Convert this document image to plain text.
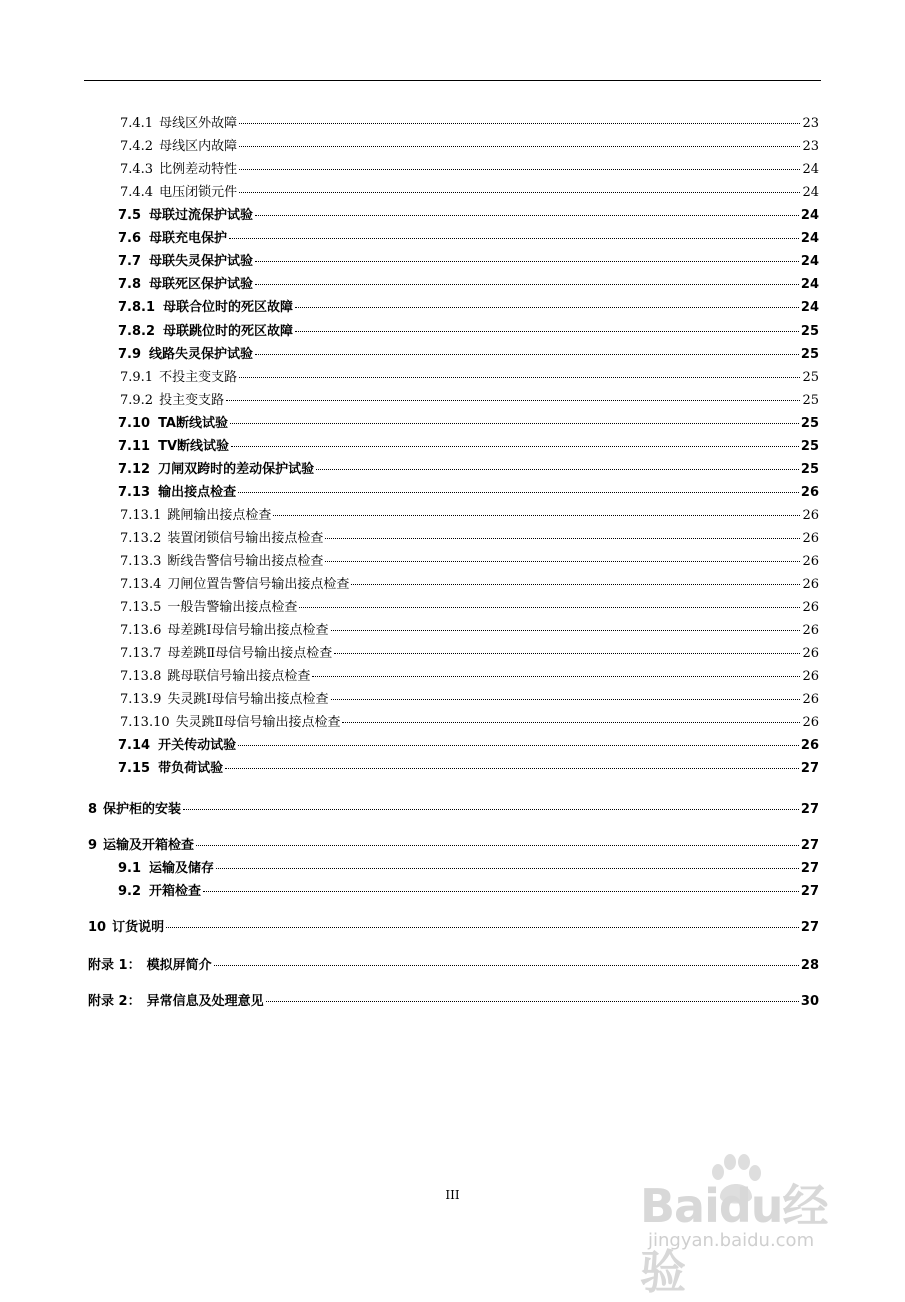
7.4.1 母线区外故障	23
7.4.2 母线区内故障	23
7.4.3 比例差动特性	24
7.4.4 电压闭锁元件	24
7.5 母联过流保护试验	24
7.6 母联充电保护	24
7.7 母联失灵保护试验	24
7.8 母联死区保护试验	24
7.8.1 母联合位时的死区故障	24
7.8.2 母联跳位时的死区故障	25
7.9 线路失灵保护试验	25
7.9.1 不投主变支路	25
7.9.2 投主变支路	25
7.10 TA断线试验	25
7.11 TV断线试验	25
7.12 刀闸双跨时的差动保护试验	25
7.13 输出接点检查	26
7.13.1 跳闸输出接点检查	26
7.13.2 装置闭锁信号输出接点检查	26
7.13.3 断线告警信号输出接点检查	26
7.13.4 刀闸位置告警信号输出接点检查	26
7.13.5 一般告警输出接点检查	26
7.13.6 母差跳Ⅰ母信号输出接点检查	26
7.13.7 母差跳Ⅱ母信号输出接点检查	26
7.13.8 跳母联信号输出接点检查	26
7.13.9 失灵跳Ⅰ母信号输出接点检查	26
7.13.10 失灵跳Ⅱ母信号输出接点检查	26
7.14 开关传动试验	26
7.15 带负荷试验	27
8 保护柜的安装	27
9 运输及开箱检查	27
9.1 运输及储存	27
9.2 开箱检查	27
10 订货说明	27
附录 1： 模拟屏简介	28
附录 2： 异常信息及处理意见	30
III	Baidu经验
jingyan.baidu.com
